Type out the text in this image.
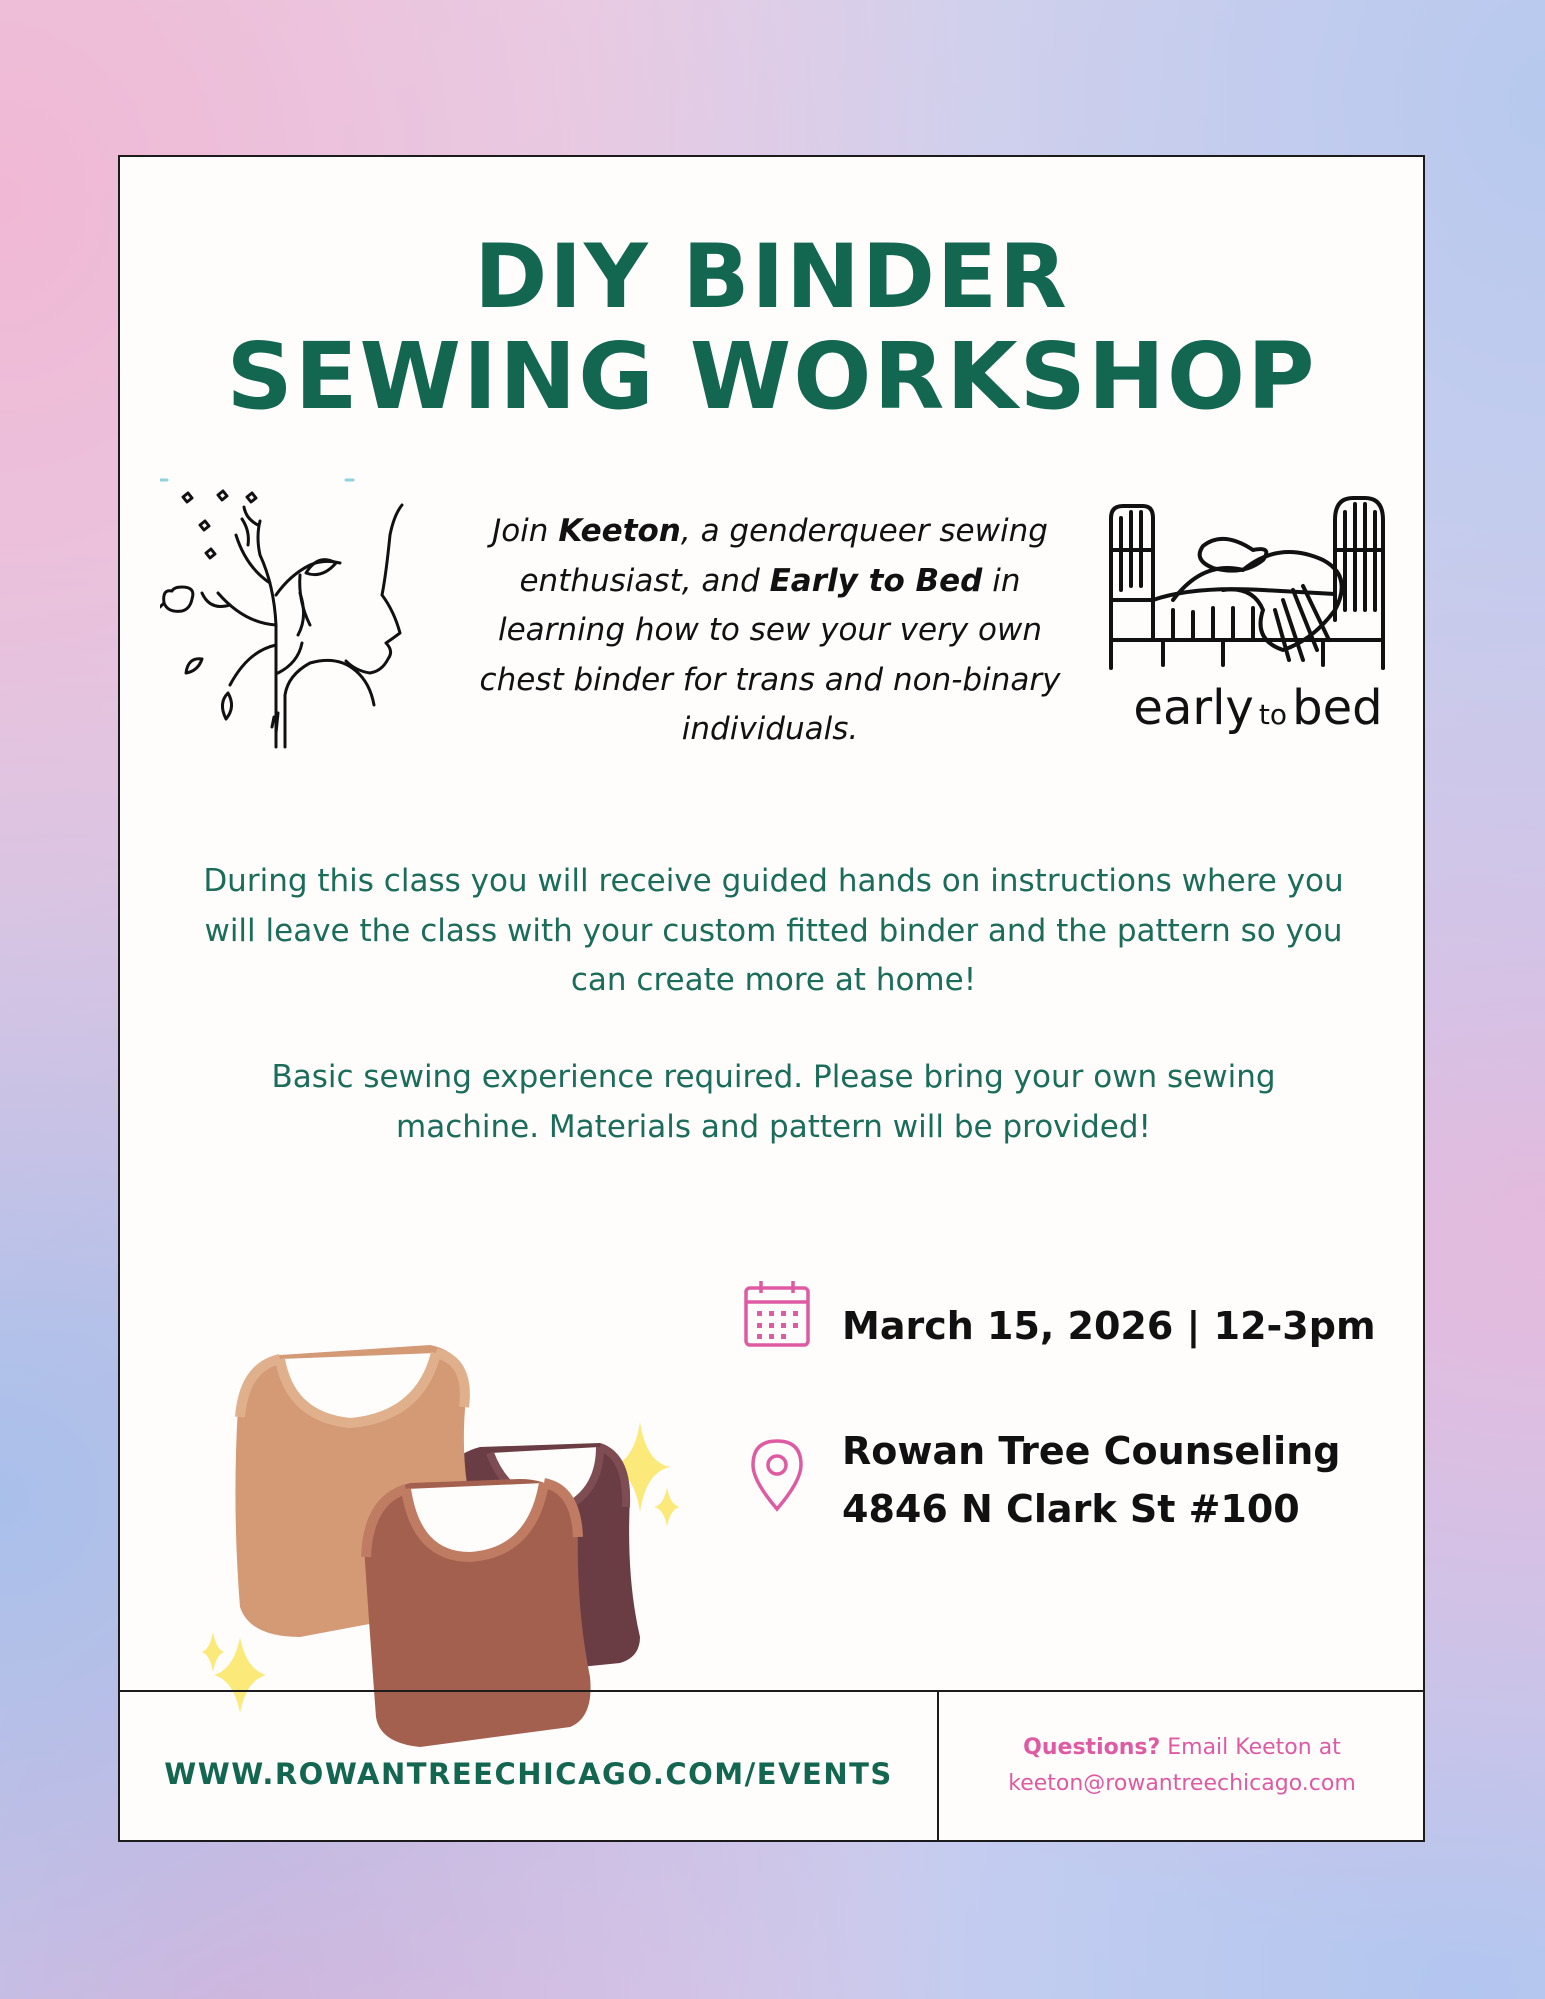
DIY BINDER
SEWING WORKSHOP
Join Keeton, a genderqueer sewing enthusiast, and Early to Bed in learning how to sew your very own chest binder for trans and non-binary individuals.	early to bed
During this class you will receive guided hands on instructions where you will leave the class with your custom fitted binder and the pattern so you can create more at home!
Basic sewing experience required. Please bring your own sewing machine. Materials and pattern will be provided!
March 15, 2026 | 12-3pm
Rowan Tree Counseling
4846 N Clark St #100
WWW.ROWANTREECHICAGO.COM/EVENTS
Questions? Email Keeton at
keeton@rowantreechicago.com
